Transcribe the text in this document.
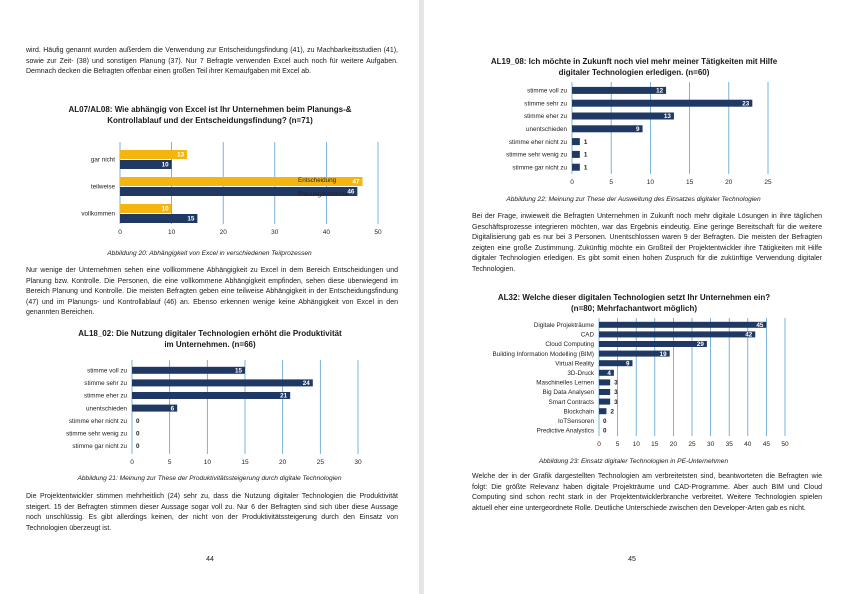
wird. Häufig genannt wurden außerdem die Verwendung zur Entscheidungsfindung (41), zu Machbarkeitsstudien (41), sowie zur Zeit- (38) und sonstigen Planung (37). Nur 7 Befragte verwenden Excel auch noch für weitere Aufgaben. Demnach decken die Befragten offenbar einen großen Teil ihrer Kernaufgaben mit Excel ab.
AL07/AL08: Wie abhängig von Excel ist Ihr Unternehmen beim Planungs-& Kontrollablauf und der Entscheidungsfindung? (n=71)
0	10	20	30	40	50
gar nicht
13
10
teilweise
47
46
vollkommen
10
15
Entscheidung
Planung/Kontrolle
Abbildung 20: Abhängigkeit von Excel in verschiedenen Teilprozessen
Nur wenige der Unternehmen sehen eine vollkommene Abhängigkeit zu Excel in dem Bereich Entscheidungen und Planung bzw. Kontrolle. Die Personen, die eine vollkommene Abhängigkeit empfinden, sehen diese überwiegend im Bereich Planung und Kontrolle. Die meisten Befragten geben eine teilweise Abhängigkeit in der Entscheidungsfindung (47) und im Planungs- und Kontrollablauf (46) an. Ebenso erkennen wenige keine Abhängigkeit von Excel in den genannten Bereichen.
AL18_02: Die Nutzung digitaler Technologien erhöht die Produktivität im Unternehmen. (n=66)
0	5	10	15	20	25	30
stimme voll zu	15
stimme sehr zu	24
stimme eher zu	21
unentschieden	6
stimme eher nicht zu 0
stimme sehr wenig zu 0
stimme gar nicht zu 0
Abbildung 21: Meinung zur These der Produktivitätssteigerung durch digitale Technologien
Die Projektentwickler stimmen mehrheitlich (24) sehr zu, dass die Nutzung digitaler Technologien die Produktivität steigert. 15 der Befragten stimmen dieser Aussage sogar voll zu. Nur 6 der Befragten sind sich über diese Aussage noch unschlüssig. Es gibt allerdings keinen, der nicht von der Produktivitätssteigerung durch den Einsatz von Technologien überzeugt ist.
44
AL19_08: Ich möchte in Zukunft noch viel mehr meiner Tätigkeiten mit Hilfe digitaler Technologien erledigen. (n=60)
0	5	10	15	20	25
stimme voll zu	12
stimme sehr zu	23
stimme eher zu	13
unentschieden	9
stimme eher nicht zu	1
stimme sehr wenig zu	1
stimme gar nicht zu	1
Abbildung 22: Meinung zur These der Ausweitung des Einsatzes digitaler Technologien
Bei der Frage, inwieweit die Befragten Unternehmen in Zukunft noch mehr digitale Lösungen in ihre täglichen Geschäftsprozesse integrieren möchten, war das Ergebnis eindeutig. Eine geringe Bereitschaft für die weitere Digitalisierung gab es nur bei 3 Personen. Unentschlossen waren 9 der Befragten. Die meisten der Befragten zeigten eine große Zustimmung. Zukünftig möchte ein Großteil der Projektentwickler ihre Tätigkeiten mit Hilfe digitaler Technologien erledigen. Es gibt somit einen hohen Zuspruch für die zukünftige Verwendung digitaler Technologien.
AL32: Welche dieser digitalen Technologien setzt Ihr Unternehmen ein? (n=80; Mehrfachantwort möglich)
0 5 10 15 20 25 30 35 40 45 50
Digitale Projekträume	45
CAD	42
Cloud Computing	29
Building Information Modelling (BIM)	19
Virtual Reality	9
3D-Druck 4
Maschinelles Lernen	3
Big Data Analysen	3
Smart Contracts	3
Blockchain	2
IoTSensoren 0
Predictive Analystics 0
Abbildung 23: Einsatz digitaler Technologien in PE-Unternehmen
Welche der in der Grafik dargestellten Technologien am verbreitetsten sind, beantworteten die Befragten wie folgt: Die größte Relevanz haben digitale Projekträume und CAD-Programme. Aber auch BIM und Cloud Computing sind schon recht stark in der Projektentwicklerbranche verbreitet. Weitere Technologien spielen aktuell eher eine untergeordnete Rolle. Deutliche Unterschiede zwischen den Developer-Arten gab es nicht.
45
